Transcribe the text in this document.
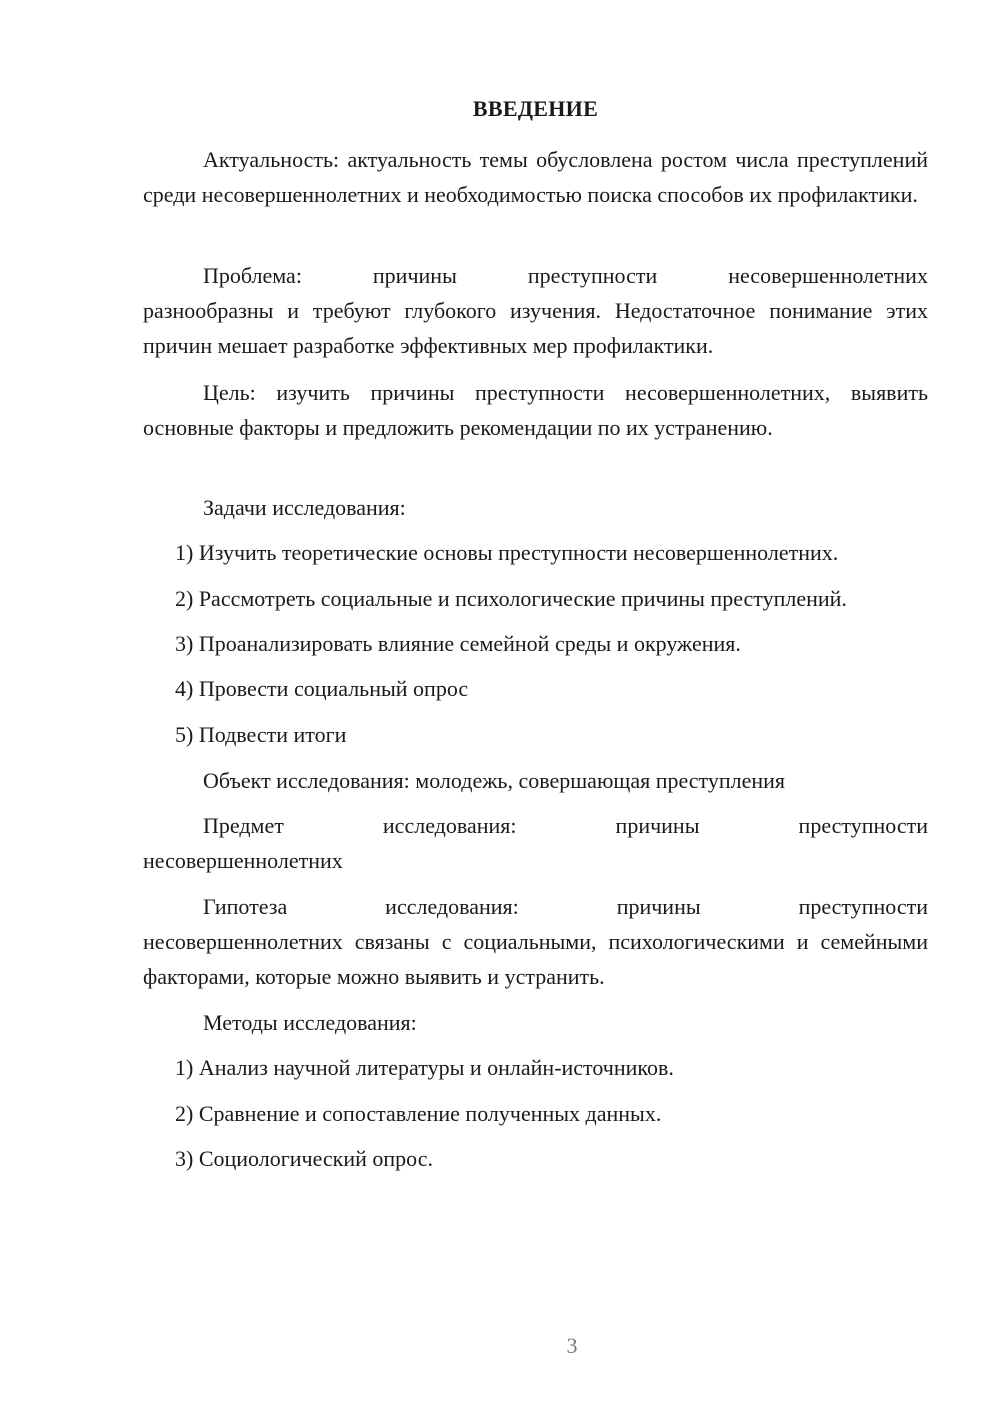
ВВЕДЕНИЕ
Актуальность: актуальность темы обусловлена ростом числа преступлений среди несовершеннолетних и необходимостью поиска способов их профилактики.
Проблема:	причины	преступности	несовершеннолетних
разнообразны и требуют глубокого изучения. Недостаточное понимание этих причин мешает разработке эффективных мер профилактики.
Цель: изучить причины преступности несовершеннолетних, выявить основные факторы и предложить рекомендации по их устранению.
Задачи исследования:
1) Изучить теоретические основы преступности несовершеннолетних.
2) Рассмотреть социальные и психологические причины преступлений.
3) Проанализировать влияние семейной среды и окружения.
4) Провести социальный опрос
5) Подвести итоги
Объект исследования: молодежь, совершающая преступления
Предмет	исследования:	причины	преступности
несовершеннолетних
Гипотеза	исследования:	причины	преступности
несовершеннолетних связаны с социальными, психологическими и семейными факторами, которые можно выявить и устранить.
Методы исследования:
1) Анализ научной литературы и онлайн-источников.
2) Сравнение и сопоставление полученных данных.
3) Социологический опрос.
3
